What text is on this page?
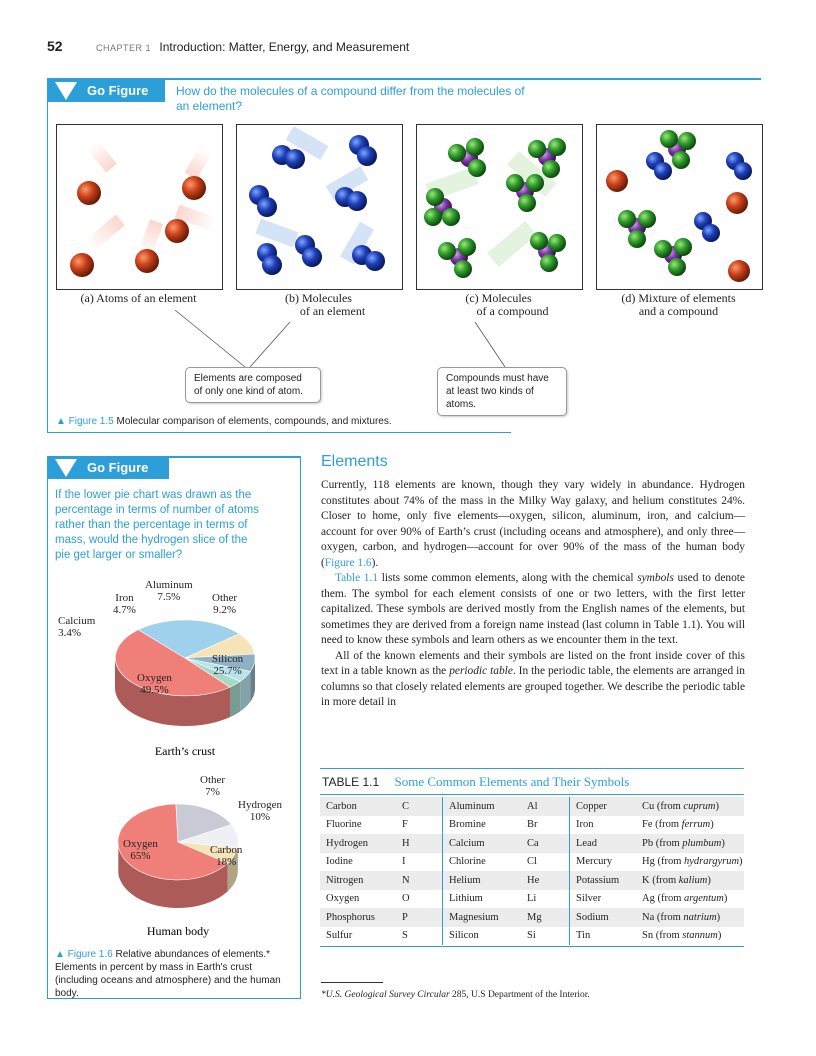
52	CHAPTER 1 Introduction: Matter, Energy, and Measurement
Go Figure How do the molecules of a compound differ from the molecules of an element?
(a) Atoms of an element	(b) Molecules
of an element
(c) Molecules
of a compound
(d) Mixture of elements
and a compound
Elements are composed of only one kind of atom.
Compounds must have at least two kinds of atoms.
▲ Figure 1.5 Molecular comparison of elements, compounds, and mixtures.
Go Figure
If the lower pie chart was drawn as the percentage in terms of number of atoms rather than the percentage in terms of mass, would the hydrogen slice of the pie get larger or smaller?
Earth’s crust
Aluminum
7.5%
Iron
4.7%
Other
9.2%
Calcium
3.4%
Silicon
25.7%
Oxygen
49.5%
Human body
Other
7%
Hydrogen
10%
Oxygen
65%	Carbon
18%
▲ Figure 1.6 Relative abundances of elements.* Elements in percent by mass in Earth's crust (including oceans and atmosphere) and the human body.
Elements

Currently, 118 elements are known, though they vary widely in abundance. Hydrogen constitutes about 74% of the mass in the Milky Way galaxy, and helium constitutes 24%. Closer to home, only five elements—oxygen, silicon, aluminum, iron, and calcium—account for over 90% of Earth’s crust (including oceans and atmosphere), and only three—oxygen, carbon, and hydrogen—account for over 90% of the mass of the human body (Figure 1.6).

Table 1.1 lists some common elements, along with the chemical symbols used to denote them. The symbol for each element consists of one or two letters, with the first letter capitalized. These symbols are derived mostly from the English names of the elements, but sometimes they are derived from a foreign name instead (last column in Table 1.1). You will need to know these symbols and learn others as we encounter them in the text.

All of the known elements and their symbols are listed on the front inside cover of this text in a table known as the periodic table. In the periodic table, the elements are arranged in columns so that closely related elements are grouped together. We describe the periodic table in more detail in

TABLE 1.1 Some Common Elements and Their Symbols
Carbon	C	Aluminum	Al	Copper	Cu (from cuprum)
Fluorine	F	Bromine	Br	Iron	Fe (from ferrum)
Hydrogen	H	Calcium	Ca	Lead	Pb (from plumbum)
Iodine	I	Chlorine	Cl	Mercury	Hg (from hydrargyrum)
Nitrogen	N	Helium	He	Potassium	K (from kalium)
Oxygen	O	Lithium	Li	Silver	Ag (from argentum)
Phosphorus	P	Magnesium	Mg	Sodium	Na (from natrium)
Sulfur	S	Silicon	Si	Tin	Sn (from stannum)
*U.S. Geological Survey Circular 285, U.S Department of the Interior.
